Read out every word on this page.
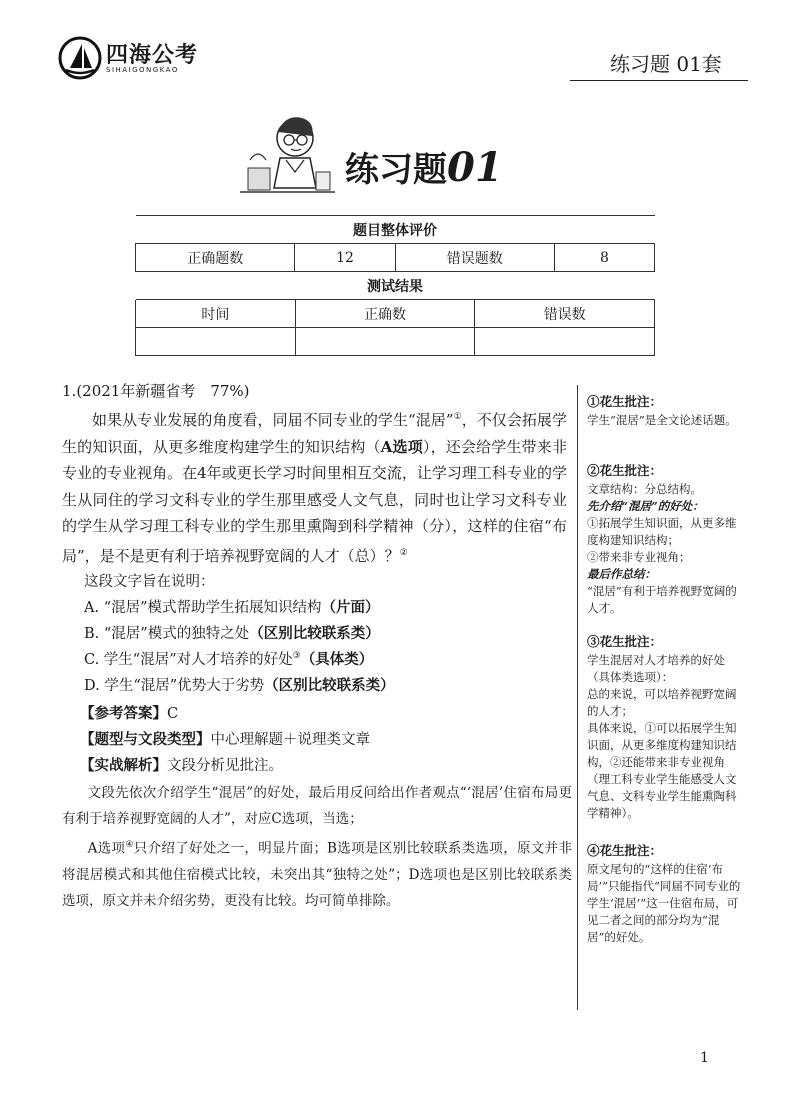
四海公考
SIHAIGONGKAO	练习题 01套
练习题01
题目整体评价
正确题数	12	错误题数	8
测试结果
时间	正确数	错误数

1.(2021年新疆省考　77%)
如果从专业发展的角度看，同届不同专业的学生“混居”①，不仅会拓展学生的知识面，从更多维度构建学生的知识结构（A选项），还会给学生带来非专业的专业视角。在4年或更长学习时间里相互交流，让学习理工科专业的学生从同住的学习文科专业的学生那里感受人文气息，同时也让学习文科专业的学生从学习理工科专业的学生那里熏陶到科学精神（分），这样的住宿“布局”，是不是更有利于培养视野宽阔的人才（总）？②
这段文字旨在说明：
A. “混居”模式帮助学生拓展知识结构（片面）
B. “混居”模式的独特之处（区别比较联系类）
C. 学生“混居”对人才培养的好处③（具体类）
D. 学生“混居”优势大于劣势（区别比较联系类）
【参考答案】C
【题型与文段类型】中心理解题＋说理类文章
【实战解析】文段分析见批注。
文段先依次介绍学生“混居”的好处，最后用反问给出作者观点“‘混居’住宿布局更有利于培养视野宽阔的人才”，对应C选项，当选；
A选项④只介绍了好处之一，明显片面；B选项是区别比较联系类选项，原文并非将混居模式和其他住宿模式比较，未突出其“独特之处”；D选项也是区别比较联系类选项，原文并未介绍劣势，更没有比较。均可简单排除。
①花生批注：
学生“混居”是全文论述话题。
②花生批注：
文章结构：分总结构。
先介绍“混居”的好处：
①拓展学生知识面，从更多维度构建知识结构；
②带来非专业视角；
最后作总结：
“混居”有利于培养视野宽阔的人才。
③花生批注：
学生混居对人才培养的好处（具体类选项）：
总的来说，可以培养视野宽阔的人才；
具体来说，①可以拓展学生知识面，从更多维度构建知识结构，②还能带来非专业视角（理工科专业学生能感受人文气息、文科专业学生能熏陶科学精神）。
④花生批注：
原文尾句的“这样的住宿‘布局’”只能指代“同届不同专业的学生‘混居’”这一住宿布局，可见二者之间的部分均为“混居”的好处。
1
